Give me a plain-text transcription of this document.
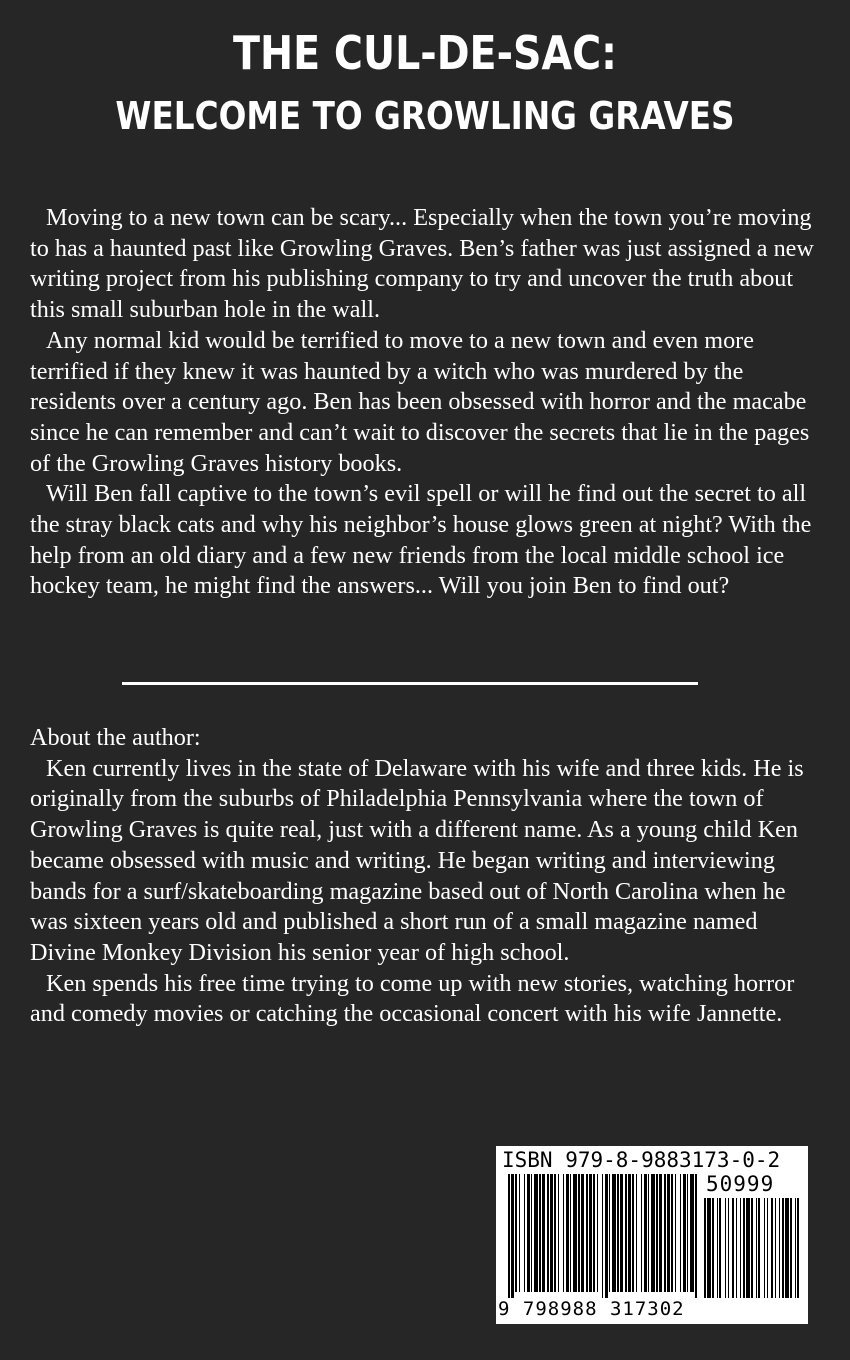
THE CUL-DE-SAC:
WELCOME TO GROWLING GRAVES

Moving to a new town can be scary... Especially when the town you’re moving to has a haunted past like Growling Graves. Ben’s father was just assigned a new writing project from his publishing company to try and uncover the truth about this small suburban hole in the wall.

Any normal kid would be terrified to move to a new town and even more terrified if they knew it was haunted by a witch who was murdered by the residents over a century ago. Ben has been obsessed with horror and the macabe since he can remember and can’t wait to discover the secrets that lie in the pages of the Growling Graves history books.

Will Ben fall captive to the town’s evil spell or will he find out the secret to all the stray black cats and why his neighbor’s house glows green at night? With the help from an old diary and a few new friends from the local middle school ice hockey team, he might find the answers... Will you join Ben to find out?

About the author:

Ken currently lives in the state of Delaware with his wife and three kids. He is originally from the suburbs of Philadelphia Pennsylvania where the town of Growling Graves is quite real, just with a different name. As a young child Ken became obsessed with music and writing. He began writing and interviewing bands for a surf/skateboarding magazine based out of North Carolina when he was sixteen years old and published a short run of a small magazine named Divine Monkey Division his senior year of high school.

Ken spends his free time trying to come up with new stories, watching horror and comedy movies or catching the occasional concert with his wife Jannette.

ISBN 979-8-9883173-0-2
50999
9 798988 317302
